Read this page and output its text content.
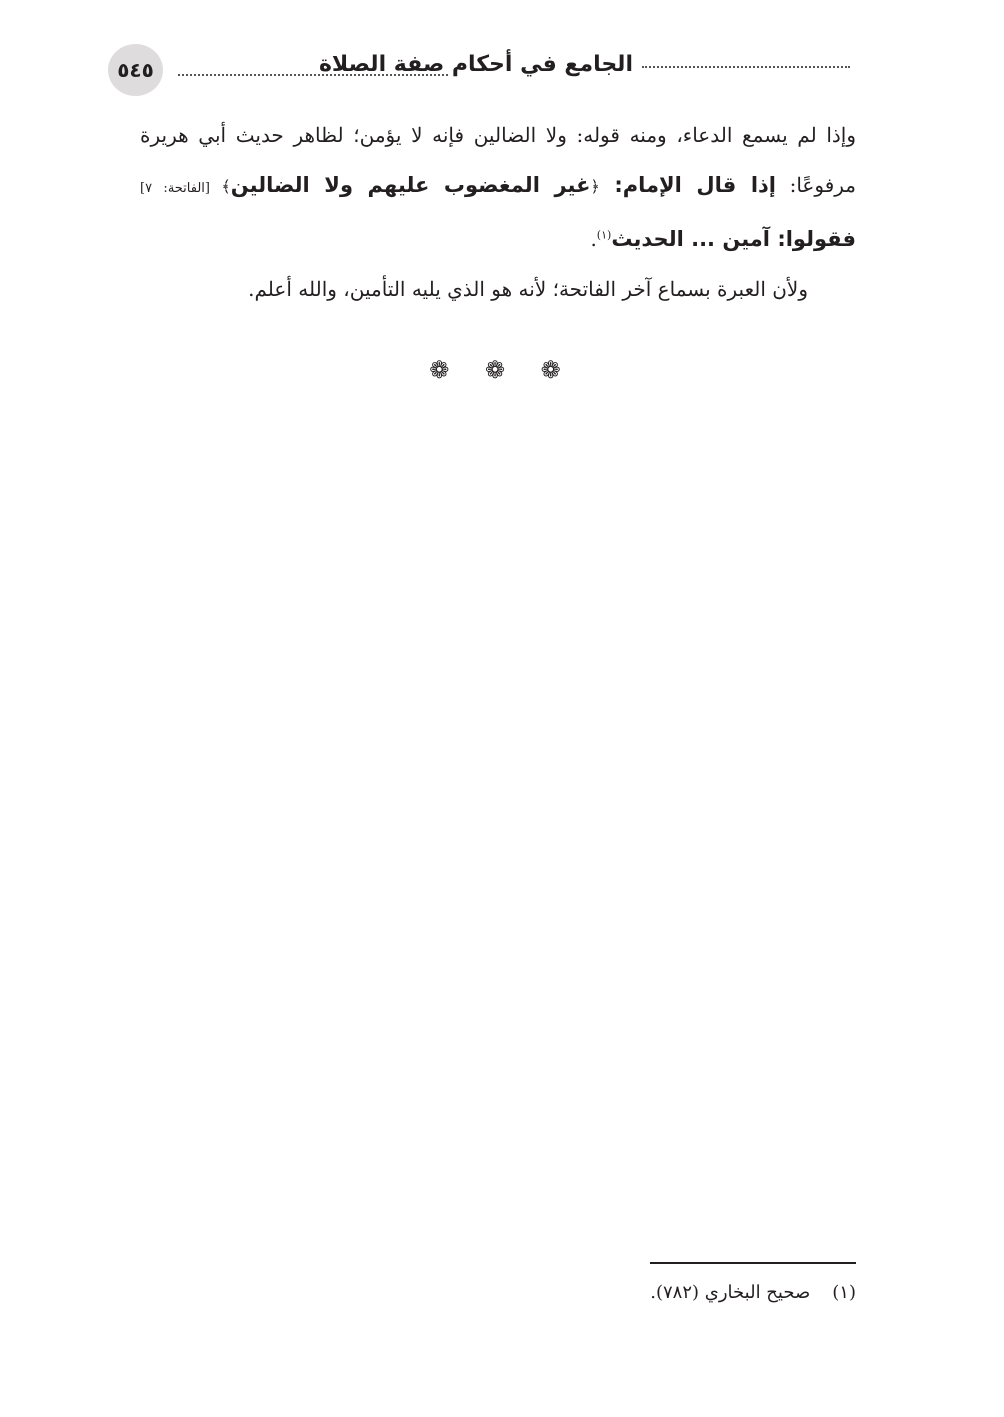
٥٤٥	الجامع في أحكام صفة الصلاة

وإذا لم يسمع الدعاء، ومنه قوله: ولا الضالين فإنه لا يؤمن؛ لظاهر حديث أبي هريرة مرفوعًا: إذا قال الإمام: ﴿غير المغضوب عليهم ولا الضالين﴾ [الفاتحة: ٧] فقولوا: آمين ... الحديث$^{(١)}$.

ولأن العبرة بسماع آخر الفاتحة؛ لأنه هو الذي يليه التأمين، والله أعلم.

❁ ❁ ❁
(١)صحيح البخاري (٧٨٢).
